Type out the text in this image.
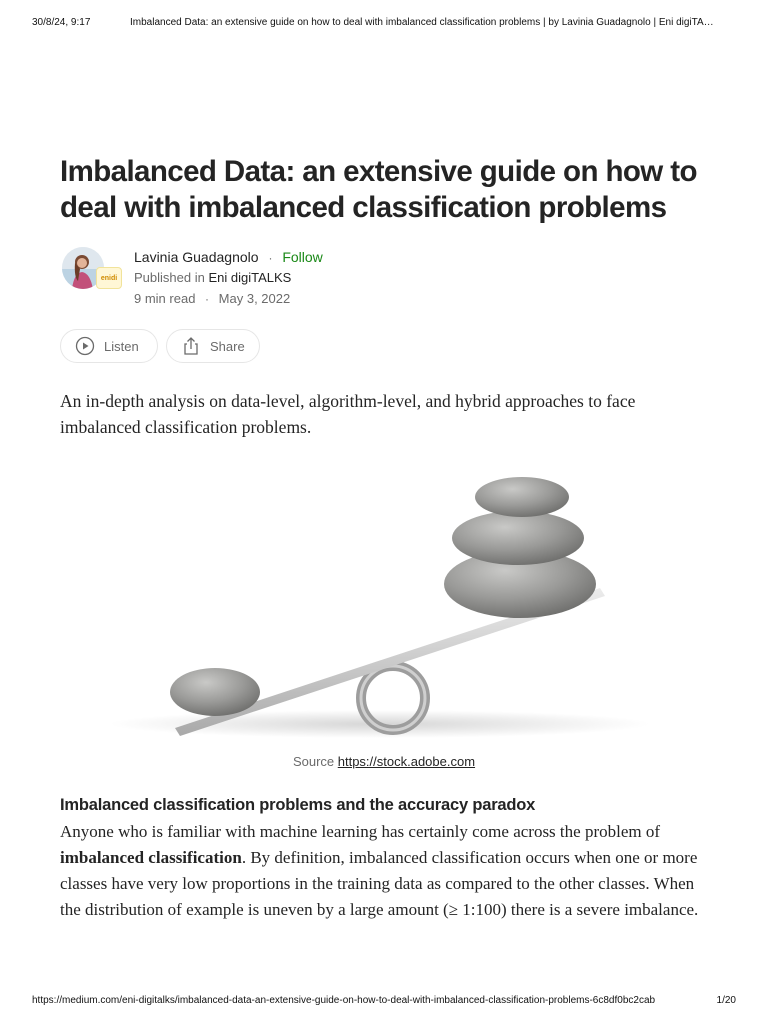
30/8/24, 9:17	Imbalanced Data: an extensive guide on how to deal with imbalanced classification problems | by Lavinia Guadagnolo | Eni digiTA…
Imbalanced Data: an extensive guide on how to deal with imbalanced classification problems
enidi
Lavinia Guadagnolo · Follow
Published in Eni digiTALKS
9 min read · May 3, 2022
Listen	Share

An in-depth analysis on data-level, algorithm-level, and hybrid approaches to face imbalanced classification problems.

Source https://stock.adobe.com
Imbalanced classification problems and the accuracy paradox

Anyone who is familiar with machine learning has certainly come across the problem of imbalanced classification. By definition, imbalanced classification occurs when one or more classes have very low proportions in the training data as compared to the other classes. When the distribution of example is uneven by a large amount (≥ 1:100) there is a severe imbalance.

https://medium.com/eni-digitalks/imbalanced-data-an-extensive-guide-on-how-to-deal-with-imbalanced-classification-problems-6c8df0bc2cab	1/20
